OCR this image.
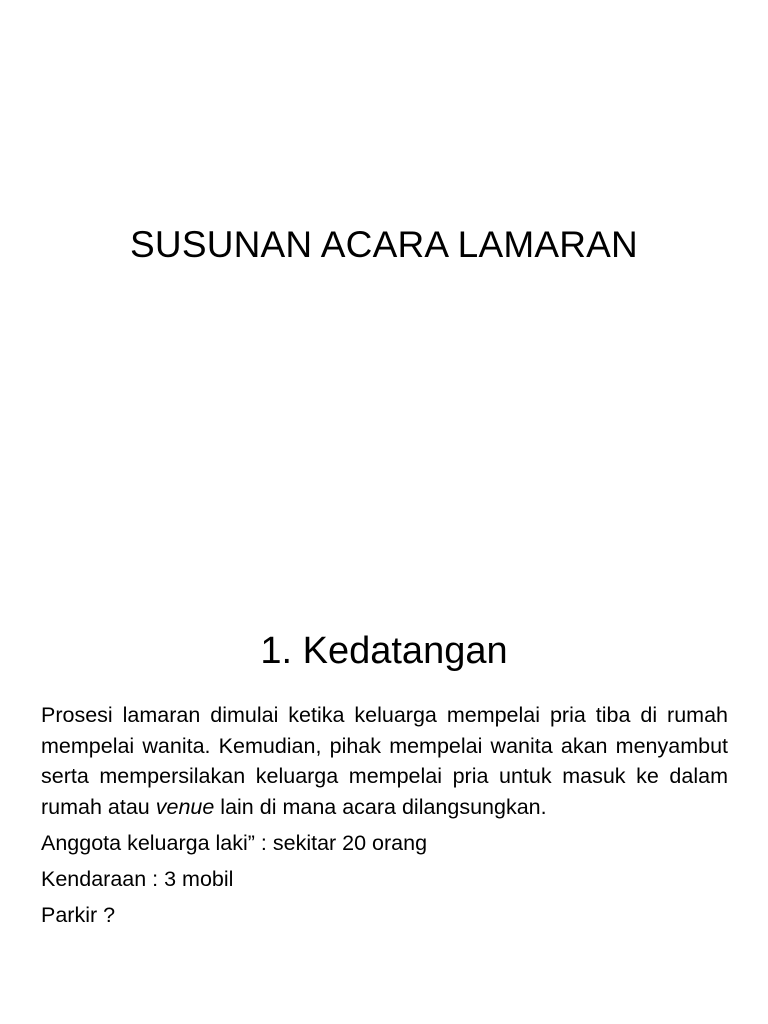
SUSUNAN ACARA LAMARAN
1. Kedatangan

Prosesi lamaran dimulai ketika keluarga mempelai pria tiba di rumah mempelai wanita. Kemudian, pihak mempelai wanita akan menyambut serta mempersilakan keluarga mempelai pria untuk masuk ke dalam rumah atau venue lain di mana acara dilangsungkan.

Anggota keluarga laki” : sekitar 20 orang

Kendaraan : 3 mobil

Parkir ?
